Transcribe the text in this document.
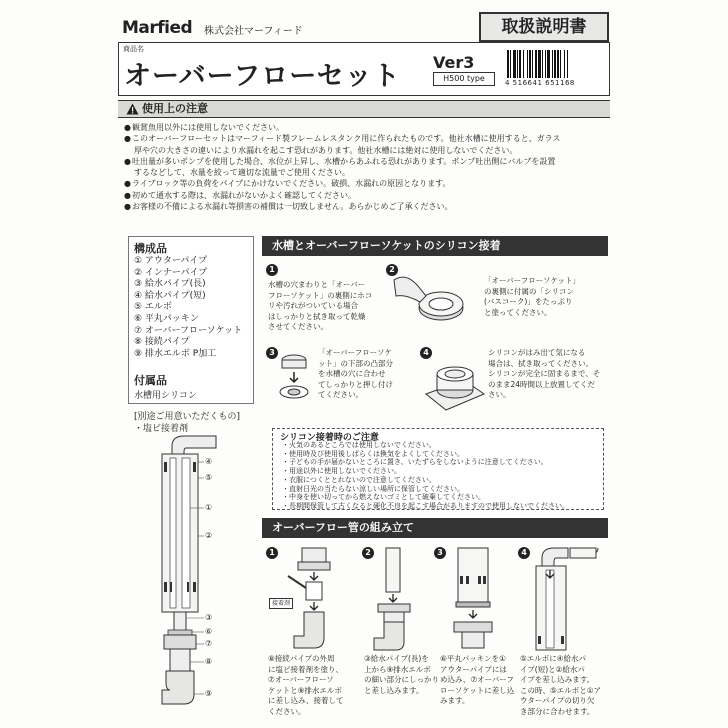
Marfied 株式会社マーフィード	取扱説明書
商品名
オーバーフローセット Ver3
H500 type	4 516641 651168
使用上の注意
● 観賞魚用以外には使用しないでください。
● このオーバーフローセットはマーフィード製フレームレスタンク用に作られたものです。他社水槽に使用すると、ガラス
厚や穴の大きさの違いにより水漏れを起こす恐れがあります。他社水槽には絶対に使用しないでください。
● 吐出量が多いポンプを使用した場合、水位が上昇し、水槽からあふれる恐れがあります。ポンプ吐出側にバルブを設置
するなどして、水量を絞って適切な流量でご使用ください。
● ライブロック等の負荷をパイプにかけないでください。破損、水漏れの原因となります。
● 初めて通水する際は、水漏れがないかよく確認してください。
● お客様の不備による水漏れ等損害の補償は一切致しません。あらかじめご了承ください。
構成品
① アウターパイプ
② インナーパイプ
③ 給水パイプ(長)
④ 給水パイプ(短)
⑤ エルボ
⑥ 平丸パッキン
⑦ オーバーフローソケット
⑧ 接続パイプ
⑨ 排水エルボ P加工
付属品
水槽用シリコン
[別途ご用意いただくもの]
・塩ビ接着剤
④
⑤
①
②
③
⑥
⑦
⑧
⑨
水槽とオーバーフローソケットのシリコン接着
1
水槽の穴まわりと「オーバー
フローソケット」の裏側にホコ
リや汚れがついている場合
はしっかりと拭き取って乾燥
させてください。
2
「オーバーフローソケット」
の裏側に付属の「シリコン
(バスコーク)」をたっぷり
と塗ってください。
3	「オーバーフローソケ
ット」の下部の凸部分
を水槽の穴に合わせ
てしっかりと押し付け
てください。
4	シリコンがはみ出て気になる
場合は、拭き取ってください。
シリコンが完全に固まるまで、そ
のまま24時間以上放置してくだ
さい。
シリコン接着時のご注意
・火気のあるところでは使用しないでください。
・使用時及び使用後しばらくは換気をよくしてください。
・子どもの手が届かないところに置き、いたずらをしないように注意してください。
・用途以外に使用しないでください。
・衣服につくととれないので注意してください。
・直射日光の当たらない涼しい場所に保管してください。
・中身を使い切ってから燃えないゴミとして破棄してください。
・長期間保管して古くなると硬化不良を起こす場合がありますので使用しないでください。
オーバーフロー管の組み立て
1
接着剤
⑧接続パイプの外周
に塩ビ接着剤を塗り、
⑦オーバーフローソ
ケットと⑨排水エルボ
に差し込み、接着して
ください。
2
③給水パイプ(長)を
上から⑨排水エルボ
の細い部分にしっかり
と差し込みます。
3
⑥平丸パッキンを①
アウターパイプには
め込み、⑦オーバーフ
ローソケットに差し込
みます。
4
⑤エルボに④給水パ
イプ(短)と②給水パ
イプを差し込みます。
この時、⑤エルボと①ア
ウターパイプの切り欠
き部分に合わせます。
